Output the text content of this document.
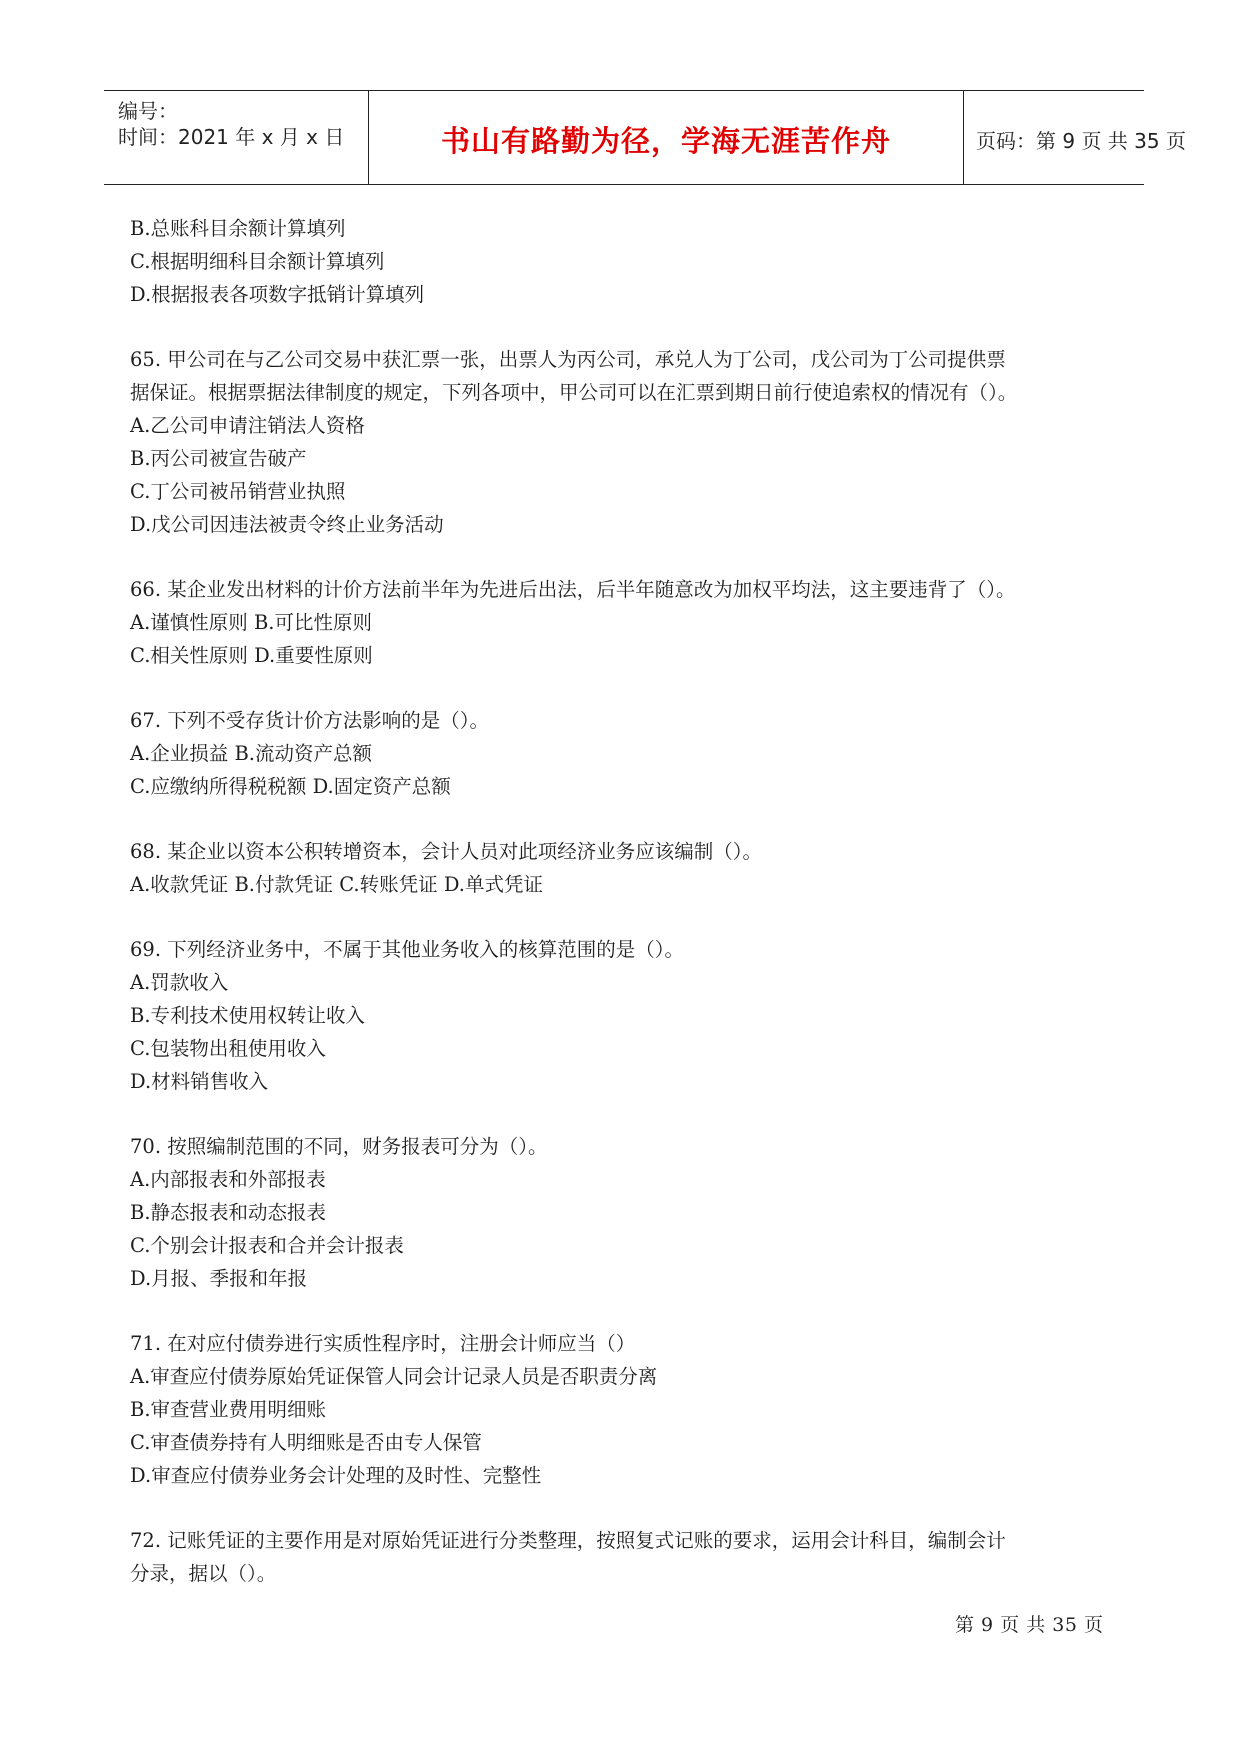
编号：
时间：2021 年 x 月 x 日	书山有路勤为径，学海无涯苦作舟	页码：第 9 页 共 35 页
B.总账科目余额计算填列
C.根据明细科目余额计算填列
D.根据报表各项数字抵销计算填列
65. 甲公司在与乙公司交易中获汇票一张，出票人为丙公司，承兑人为丁公司，戊公司为丁公司提供票
据保证。根据票据法律制度的规定，下列各项中，甲公司可以在汇票到期日前行使追索权的情况有（）。
A.乙公司申请注销法人资格
B.丙公司被宣告破产
C.丁公司被吊销营业执照
D.戊公司因违法被责令终止业务活动
66. 某企业发出材料的计价方法前半年为先进后出法，后半年随意改为加权平均法，这主要违背了（）。
A.谨慎性原则 B.可比性原则
C.相关性原则 D.重要性原则
67. 下列不受存货计价方法影响的是（）。
A.企业损益 B.流动资产总额
C.应缴纳所得税税额 D.固定资产总额
68. 某企业以资本公积转增资本，会计人员对此项经济业务应该编制（）。
A.收款凭证 B.付款凭证 C.转账凭证 D.单式凭证
69. 下列经济业务中，不属于其他业务收入的核算范围的是（）。
A.罚款收入
B.专利技术使用权转让收入
C.包装物出租使用收入
D.材料销售收入
70. 按照编制范围的不同，财务报表可分为（）。
A.内部报表和外部报表
B.静态报表和动态报表
C.个别会计报表和合并会计报表
D.月报、季报和年报
71. 在对应付债券进行实质性程序时，注册会计师应当（）
A.审查应付债券原始凭证保管人同会计记录人员是否职责分离
B.审查营业费用明细账
C.审查债券持有人明细账是否由专人保管
D.审查应付债券业务会计处理的及时性、完整性
72. 记账凭证的主要作用是对原始凭证进行分类整理，按照复式记账的要求，运用会计科目，编制会计
分录，据以（）。
第 9 页 共 35 页
